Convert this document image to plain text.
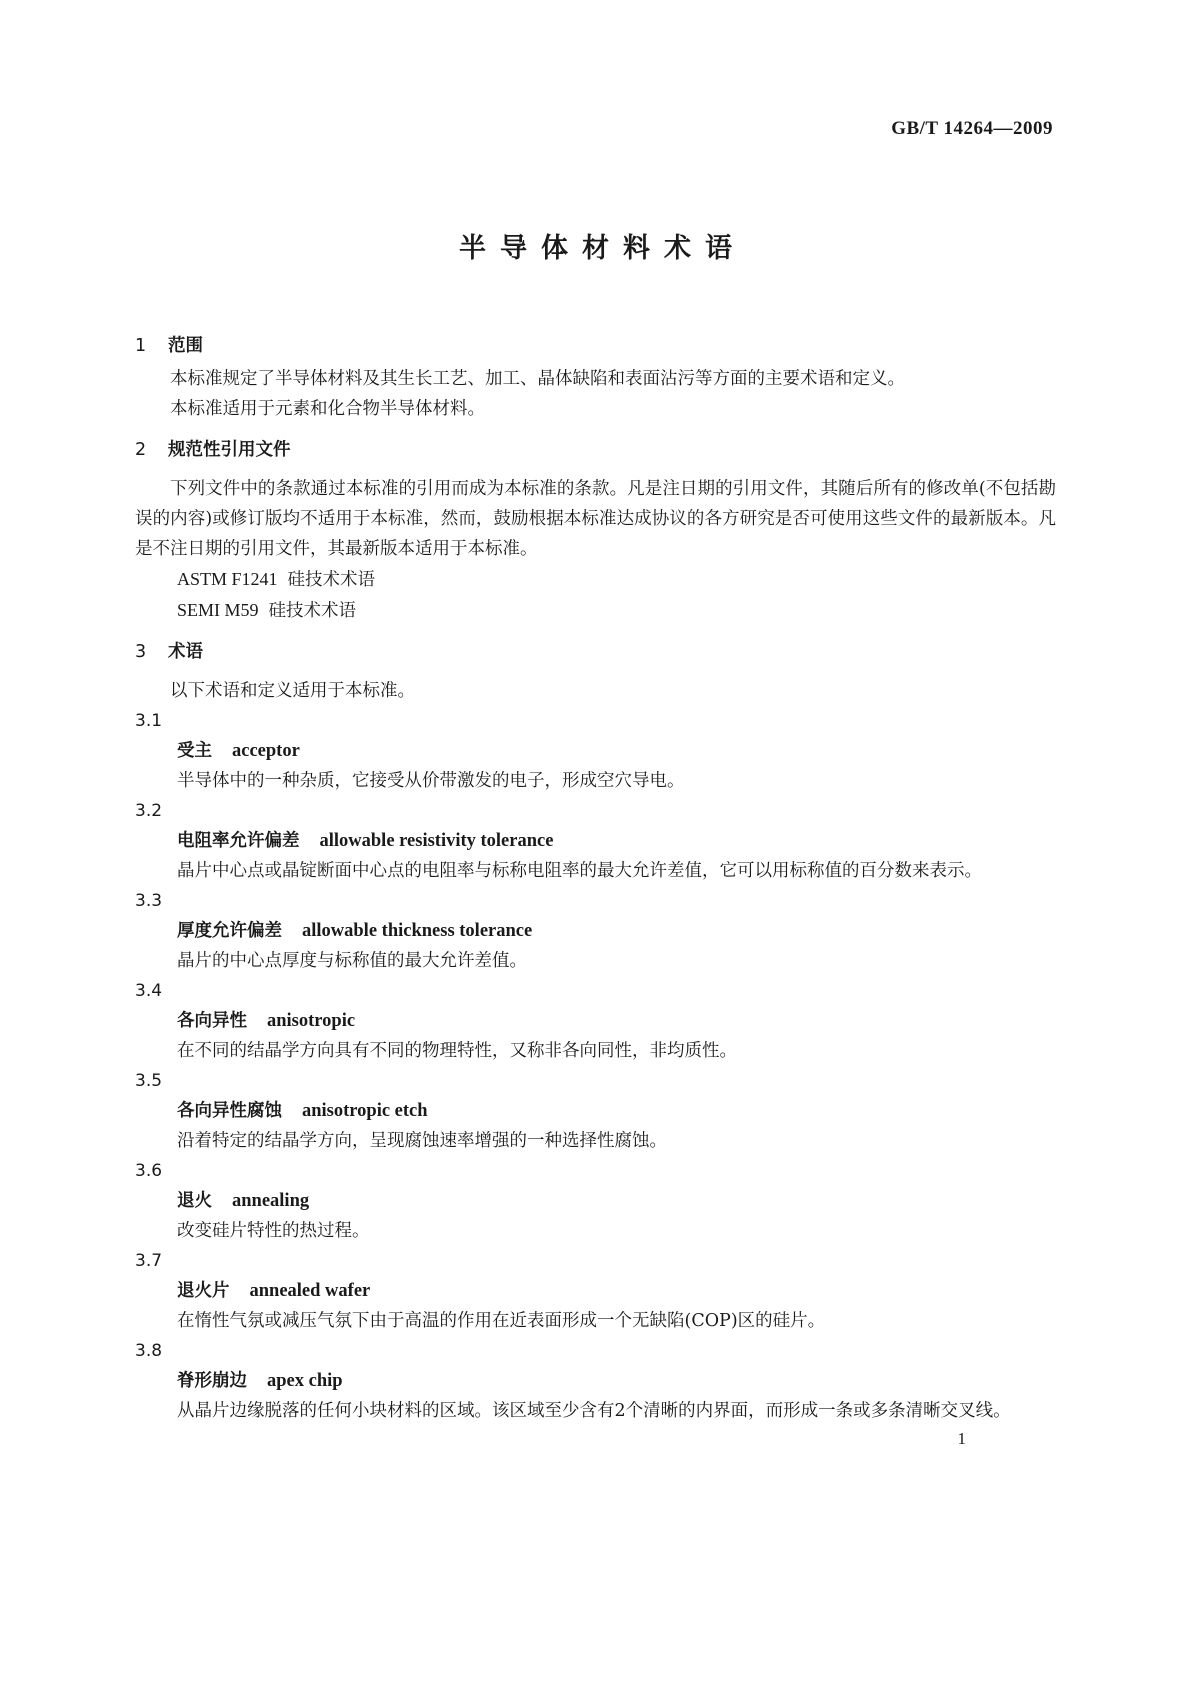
GB/T 14264—2009
半导体材料术语
1 范围
本标准规定了半导体材料及其生长工艺、加工、晶体缺陷和表面沾污等方面的主要术语和定义。
本标准适用于元素和化合物半导体材料。
2 规范性引用文件
下列文件中的条款通过本标准的引用而成为本标准的条款。凡是注日期的引用文件，其随后所有的修改单(不包括勘误的内容)或修订版均不适用于本标准，然而，鼓励根据本标准达成协议的各方研究是否可使用这些文件的最新版本。凡是不注日期的引用文件，其最新版本适用于本标准。
ASTM F1241 硅技术术语
SEMI M59 硅技术术语
3 术语
以下术语和定义适用于本标准。
3.1
受主 acceptor
半导体中的一种杂质，它接受从价带激发的电子，形成空穴导电。
3.2
电阻率允许偏差 allowable resistivity tolerance
晶片中心点或晶锭断面中心点的电阻率与标称电阻率的最大允许差值，它可以用标称值的百分数来表示。
3.3
厚度允许偏差 allowable thickness tolerance
晶片的中心点厚度与标称值的最大允许差值。
3.4
各向异性 anisotropic
在不同的结晶学方向具有不同的物理特性，又称非各向同性，非均质性。
3.5
各向异性腐蚀 anisotropic etch
沿着特定的结晶学方向，呈现腐蚀速率增强的一种选择性腐蚀。
3.6
退火 annealing
改变硅片特性的热过程。
3.7
退火片 annealed wafer
在惰性气氛或减压气氛下由于高温的作用在近表面形成一个无缺陷(COP)区的硅片。
3.8
脊形崩边 apex chip
从晶片边缘脱落的任何小块材料的区域。该区域至少含有2个清晰的内界面，而形成一条或多条清晰交叉线。
1
